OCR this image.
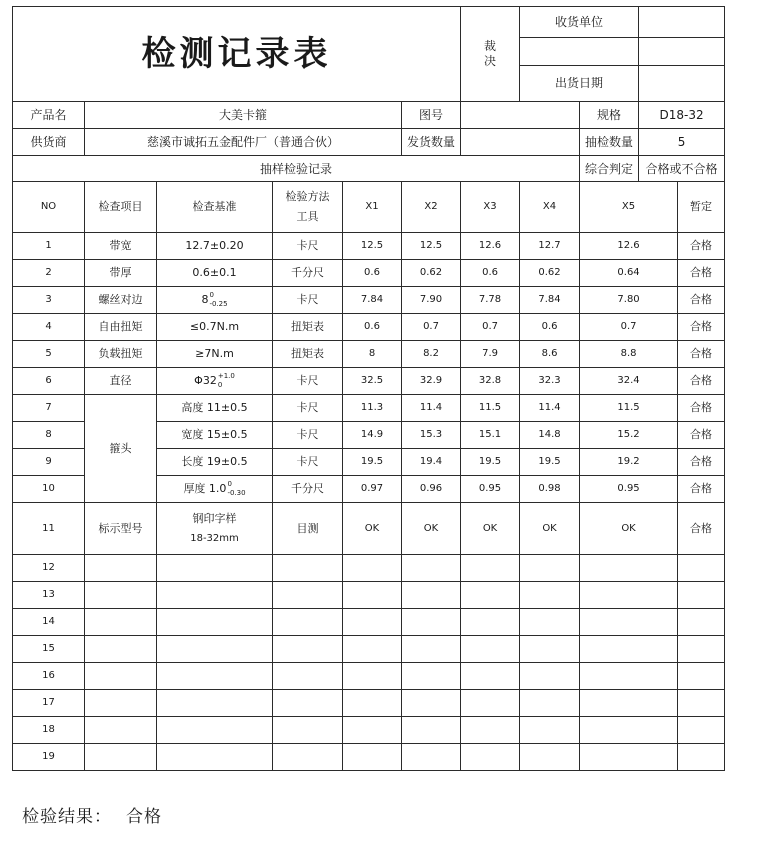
检测记录表						裁决	收货单位			

							出货日期			
产品名	大美卡箍				图号			规格	D18-32	
供货商	慈溪市诚拓五金配件厂（普通合伙）				发货数量			抽检数量	5	
抽样检验记录								综合判定	合格或不合格	
NO	检查项目	检查基准	检验方法
工具	X1	X2	X3	X4	X5		暂定
1	带宽	12.7±0.20	卡尺	12.5	12.5	12.6	12.7	12.6		合格
2	带厚	0.6±0.1	千分尺	0.6	0.62	0.6	0.62	0.64		合格
3	螺丝对边	8 0
-0.25	卡尺	7.84	7.90	7.78	7.84	7.80		合格
4	自由扭矩	≤0.7N.m	扭矩表	0.6	0.7	0.7	0.6	0.7		合格
5	负载扭矩	≥7N.m	扭矩表	8	8.2	7.9	8.6	8.8		合格
6	直径	Φ32 +1.0
0	卡尺	32.5	32.9	32.8	32.3	32.4		合格
7	箍头	高度 11±0.5	卡尺	11.3	11.4	11.5	11.4	11.5		合格
8		宽度 15±0.5	卡尺	14.9	15.3	15.1	14.8	15.2		合格
9		长度 19±0.5	卡尺	19.5	19.4	19.5	19.5	19.2		合格
10		厚度 1.0 0
-0.30	千分尺	0.97	0.96	0.95	0.98	0.95		合格
11	标示型号	钢印字样
18-32mm	目测	OK	OK	OK	OK	OK		合格
12										
13										
14										
15										
16										
17										
18										
19										
检验结果： 合格
